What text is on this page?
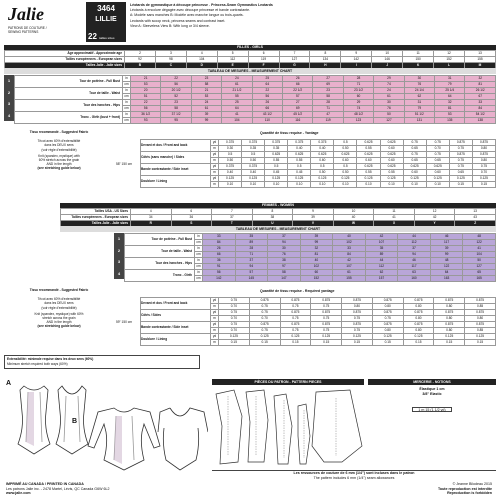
Jalie
PATRONS DE COUTURE / SEWING PATTERNS
3464
LILLIE
22 tailles sizes
Léotards de gymnastique à découpe princesse - Princess-Seam Gymnastics Leotards
Léotards à encolure dégagée avec découpe princesse et bande contrastante.
A: Modèle sans manches B: Modèle avec manche longue ou trois-quarts.
Leotards with scoop neck, princess seams and contrast inset.
View A: Sleeveless View B: With long or 3/4 sleeve.
FILLES - GIRLS
Âge approximatif - Approximate age	2	3	4	5	6	7	8	9	10	11	12	13
Tailles européennes - European sizes	92	98	104	112	119	127	134	142	146	150	152	155
Tailles Jalie - Jalie sizes	B	C	D	E	F	G	H	I	J	K	L	M
TABLEAU DE MESURES - MEASUREMENT CHART
1
2
3
4
Tour de poitrine - Full Bust	in	21	22	23	24	25	26	27	28	29	30	31	32
	cm	53	56	58	61	64	66	69	71	74	76	79	81
Tour de taille - Waist	in	20	20 1/2	21	21 1/2	22	22 1/2	23	23 1/2	24	24 1/4	25 1/4	26 1/2
	cm	51	52	53	55	56	57	58	60	61	62	64	67
Tour des hanches - Hips	in	22	23	24	25	26	27	28	29	30	31	32	33
	cm	56	58	61	64	66	69	71	74	76	79	81	84
Tronc - Girth (bust + front)	in	36 1/2	37 1/2	39	41	43 1/2	45 1/2	47	48 1/2	50	51 1/2	53	54 1/2
	cm	93	95	99	104	110	116	119	123	127	131	135	138
Tissu recommandé - Suggested Fabric
Tricot avec 60% d'extensibilité
dans les DEUX sens
(voir règle d'extensibilité)
Knit (spandex, mystique) with
60% stretch across the grain
AND in the length
(see stretching guide below)
Quantité de tissu requise - Yardage
58" 150 cm
Devant et dos / Front and back	yd	0.375	0.375	0.375	0.375	0.375	0.5	0.625	0.625	0.75	0.75	0.875	0.875
	m	0.30	0.35	0.35	0.40	0.40	0.50	0.55	0.60	0.65	0.70	0.75	0.80
Côtés (sans manche) / Sides	yd	0.5	0.5	0.625	0.625	0.625	0.625	0.625	0.625	0.75	0.75	0.875	0.875
	m	0.50	0.50	0.55	0.55	0.60	0.60	0.60	0.60	0.65	0.65	0.75	0.80
Bande contrastante / Side inset	yd	0.375	0.375	0.5	0.5	0.5	0.5	0.625	0.625	0.625	0.625	0.75	0.75
	m	0.40	0.40	0.45	0.45	0.50	0.50	0.55	0.55	0.60	0.60	0.65	0.70
Doublure / Lining	yd	0.125	0.125	0.125	0.125	0.125	0.125	0.125	0.125	0.125	0.125	0.125	0.125
	m	0.10	0.10	0.10	0.10	0.10	0.10	0.10	0.10	0.10	0.10	0.15	0.15
FEMMES - WOMEN
Tailles USA - US Sizes	4	6	7	8	9	10	11	12	13
Tailles européennes - European sizes	34	36	37	38	39	40	41	42	43
Tailles Jalie - Jalie sizes	R	S	T	U	V	W	X	Y	Z
TABLEAU DE MESURES - MEASUREMENT CHART
1
2
3
4
Tour de poitrine - Full Bust	in	33	35	37	39	40	42	44	46	48
	cm	84	89	94	99	102	107	112	117	122
Tour de taille - Waist	in	26	28	30	32	33	35	37	39	41
	cm	66	71	76	81	84	89	94	99	104
Tour des hanches - Hips	in	36	37	38	40	42	44	46	48	50
	cm	91	94	97	102	107	112	117	122	127
Tronc - Girth	in	56	57	58	60	61	62	63	64	65
	cm	142	145	147	152	155	157	160	163	165
Tissu recommandé - Suggested Fabric
Tricot avec 60% d'extensibilité
dans les DEUX sens
(voir règle d'extensibilité)
Knit (spandex, mystique) with 60%
stretch across the grain
AND in the length
(see stretching guide below)
Quantité de tissu requise - Required yardage
59" 150 cm
Devant et dos / Front and back	yd	0.75	0.875	0.875	0.875	0.875	0.875	0.875	0.875	0.875
	m	0.70	0.75	0.75	0.75	0.80	0.80	0.80	0.80	0.85
Côtés / Sides	yd	0.75	0.75	0.875	0.875	0.875	0.875	0.875	0.875	0.875
	m	0.70	0.70	0.75	0.75	0.75	0.75	0.80	0.80	0.80
Bande contrastante / Side inset	yd	0.75	0.875	0.875	0.875	0.875	0.875	0.875	0.875	0.875
	m	0.70	0.75	0.75	0.75	0.75	0.80	0.80	0.80	0.85
Doublure / Lining	yd	0.125	0.125	0.125	0.125	0.125	0.125	0.125	0.125	0.125
	m	0.15	0.15	0.15	0.15	0.15	0.15	0.15	0.15	0.15
Extensibilité: minimale requise dans les deux sens (60%)
Minimum stretch required both ways (60%)
A
B
PIÈCES DU PATRON - PATTERN PIECES	MERCERIE - NOTIONS
Élastique 1 cm
3/8" Elastic
1 m 15 (1 1/2 yd)
Les ressources de couture de 6 mm (1/4") sont incluses dans le patron
The pattern includes 6 mm (1/4") seam allowances
IMPRIMÉ AU CANADA / PRINTED IN CANADA
Les patrons Jalie inc. - 2478 Martel, Lévis, QC Canada G6W 6L2
www.jalie.com
© Jeanne Bilodeau 2015
Toute reproduction est interdite
Reproduction is forbidden
